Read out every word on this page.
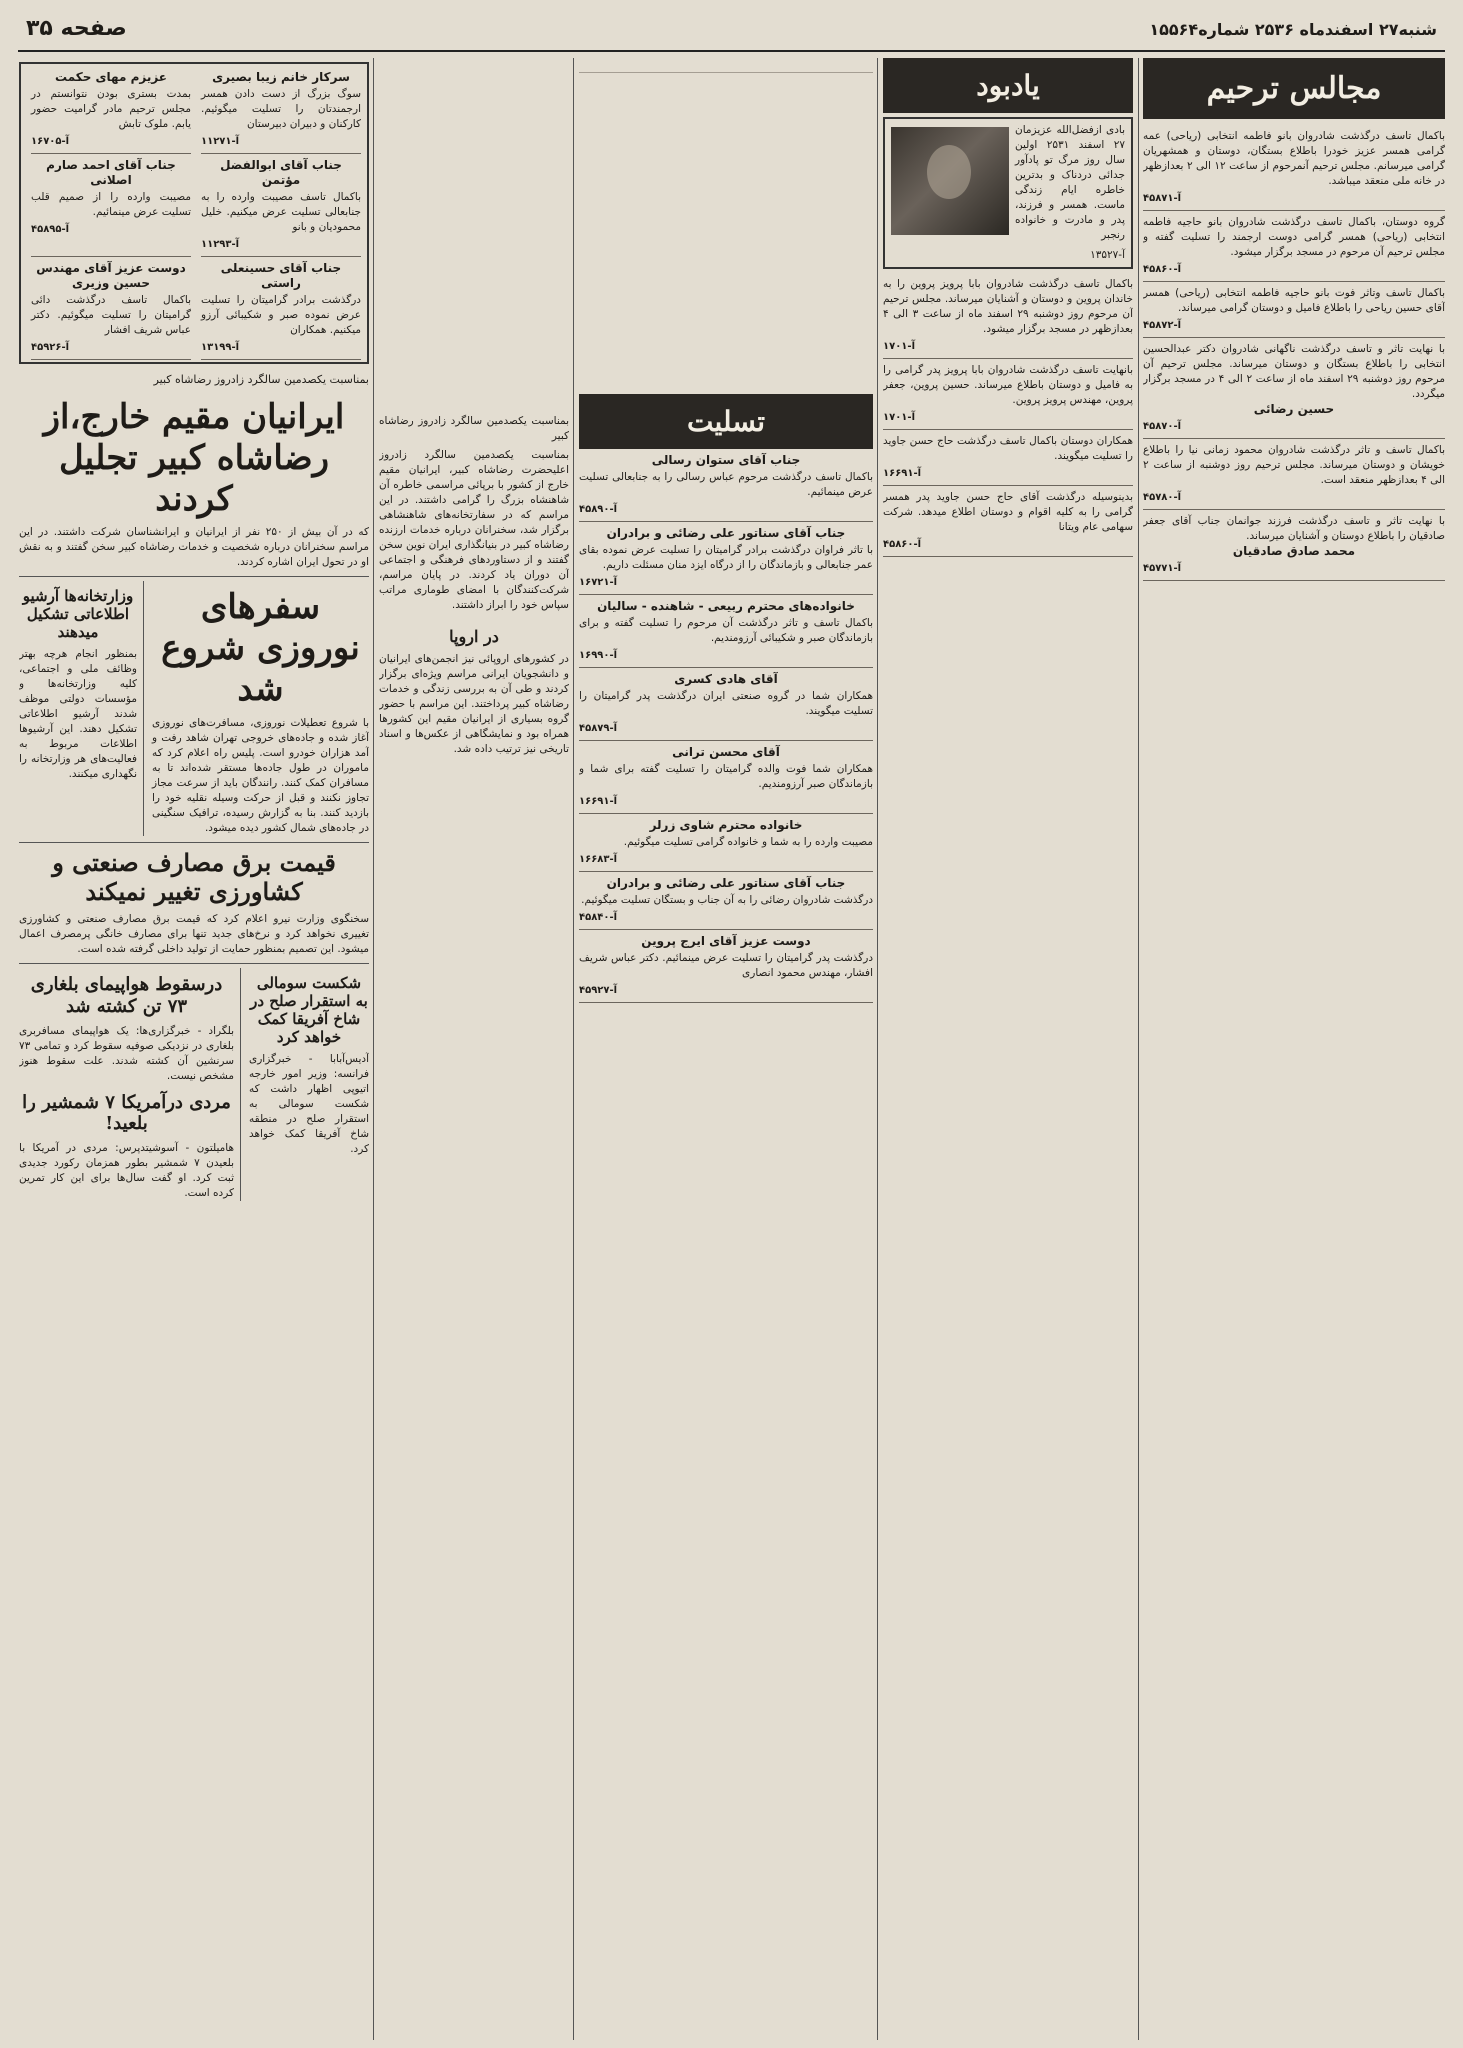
صفحه ۳۵	شنبه۲۷ اسفندماه ۲۵۳۶ شماره۱۵۵۶۴
مجالس ترحیم
باکمال تاسف درگذشت شادروان بانو فاطمه انتخابی (ریاحی) عمه گرامی همسر عزیز خودرا باطلاع بستگان، دوستان و همشهریان گرامی میرسانم. مجلس ترحیم آنمرحوم از ساعت ۱۲ الی ۲ بعدازظهر در خانه ملی منعقد میباشد.
آ-۴۵۸۷۱
گروه دوستان، باکمال تاسف درگذشت شادروان بانو حاجیه فاطمه انتخابی (ریاحی) همسر گرامی دوست ارجمند را تسلیت گفته و مجلس ترحیم آن مرحوم در مسجد برگزار میشود.
آ-۴۵۸۶۰
باکمال تاسف وتاثر فوت بانو حاجیه فاطمه انتخابی (ریاحی) همسر آقای حسین ریاحی را باطلاع فامیل و دوستان گرامی میرساند.
آ-۴۵۸۷۲
با نهایت تاثر و تاسف درگذشت ناگهانی شادروان دکتر عبدالحسین انتخابی را باطلاع بستگان و دوستان میرساند. مجلس ترحیم آن مرحوم روز دوشنبه ۲۹ اسفند ماه از ساعت ۲ الی ۴ در مسجد برگزار میگردد.
حسین رضائی
آ-۴۵۸۷۰
باکمال تاسف و تاثر درگذشت شادروان محمود زمانی نیا را باطلاع خویشان و دوستان میرساند. مجلس ترحیم روز دوشنبه از ساعت ۲ الی ۴ بعدازظهر منعقد است.
آ-۴۵۷۸۰
با نهایت تاثر و تاسف درگذشت فرزند جوانمان جناب آقای جعفر صادقیان را باطلاع دوستان و آشنایان میرساند.
محمد صادق صادقیان
آ-۴۵۷۷۱
یادبود
بادی ازفضل‌الله عزیزمان ۲۷ اسفند ۲۵۳۱ اولین سال روز مرگ تو پادآور جدائی دردناک و بدترین خاطره ایام زندگی ماست. همسر و فرزند، پدر و مادرت و خانواده رنجبر
آ-۱۳۵۲۷
باکمال تاسف درگذشت شادروان بابا پرویز پروین را به خاندان پروین و دوستان و آشنایان میرساند. مجلس ترحیم آن مرحوم روز دوشنبه ۲۹ اسفند ماه از ساعت ۳ الی ۴ بعدازظهر در مسجد برگزار میشود.
آ-۱۷۰۱
بانهایت تاسف درگذشت شادروان بابا پرویز پدر گرامی را به فامیل و دوستان باطلاع میرساند. حسین پروین، جعفر پروین، مهندس پرویز پروین.
آ-۱۷۰۱
همکاران دوستان باکمال تاسف درگذشت حاج حسن جاوید را تسلیت میگویند.
آ-۱۶۶۹۱
بدینوسیله درگذشت آقای حاج حسن جاوید پدر همسر گرامی را به کلیه اقوام و دوستان اطلاع میدهد. شرکت سهامی عام ویتانا
آ-۴۵۸۶۰
تسلیت
جناب آقای ستوان رسالی
باکمال تاسف درگذشت مرحوم عباس رسالی را به جنابعالی تسلیت عرض مینمائیم.
آ-۴۵۸۹۰
جناب آقای سناتور علی رضائی و برادران
با تاثر فراوان درگذشت برادر گرامیتان را تسلیت عرض نموده بقای عمر جنابعالی و بازماندگان را از درگاه ایزد منان مسئلت داریم.
آ-۱۶۷۲۱
خانواده‌های محترم ربیعی - شاهنده - سالیان
باکمال تاسف و تاثر درگذشت آن مرحوم را تسلیت گفته و برای بازماندگان صبر و شکیبائی آرزومندیم.
آ-۱۶۹۹۰
آقای هادی کسری
همکاران شما در گروه صنعتی ایران درگذشت پدر گرامیتان را تسلیت میگویند.
آ-۴۵۸۷۹
آقای محسن ترانی
همکاران شما فوت والده گرامیتان را تسلیت گفته برای شما و بازماندگان صبر آرزومندیم.
آ-۱۶۶۹۱
خانواده محترم شاوی زرلر
مصیبت وارده را به شما و خانواده گرامی تسلیت میگوئیم.
آ-۱۶۶۸۳
جناب آقای سناتور علی رضائی و برادران
درگذشت شادروان رضائی را به آن جناب و بستگان تسلیت میگوئیم.
آ-۴۵۸۴۰
دوست عزیز آقای ایرج پروین
درگذشت پدر گرامیتان را تسلیت عرض مینمائیم. دکتر عباس شریف افشار، مهندس محمود انصاری
آ-۴۵۹۲۷
بمناسبت یکصدمین سالگرد زادروز رضاشاه کبیر
بمناسبت یکصدمین سالگرد زادروز اعلیحضرت رضاشاه کبیر، ایرانیان مقیم خارج از کشور با برپائی مراسمی خاطره آن شاهنشاه بزرگ را گرامی داشتند. در این مراسم که در سفارتخانه‌های شاهنشاهی برگزار شد، سخنرانان درباره خدمات ارزنده رضاشاه کبیر در بنیانگذاری ایران نوین سخن گفتند و از دستاوردهای فرهنگی و اجتماعی آن دوران یاد کردند. در پایان مراسم، شرکت‌کنندگان با امضای طوماری مراتب سپاس خود را ابراز داشتند.
در اروپا
در کشورهای اروپائی نیز انجمن‌های ایرانیان و دانشجویان ایرانی مراسم ویژه‌ای برگزار کردند و طی آن به بررسی زندگی و خدمات رضاشاه کبیر پرداختند. این مراسم با حضور گروه بسیاری از ایرانیان مقیم این کشورها همراه بود و نمایشگاهی از عکس‌ها و اسناد تاریخی نیز ترتیب داده شد.
سرکار خانم زیبا بصیری
سوگ بزرگ از دست دادن همسر ارجمندتان را تسلیت میگوئیم. کارکنان و دبیران دبیرستان
آ-۱۱۲۷۱
عزیزم مهای حکمت
بمدت بستری بودن نتوانستم در مجلس ترحیم مادر گرامیت حضور یابم. ملوک تابش
آ-۱۶۷۰۵
جناب آقای ابوالفضل مؤتمن
باکمال تاسف مصیبت وارده را به جنابعالی تسلیت عرض میکنیم. خلیل محمودیان و بانو
آ-۱۱۲۹۳
جناب آقای احمد صارم اصلانی
مصیبت وارده را از صمیم قلب تسلیت عرض مینمائیم.
آ-۴۵۸۹۵
جناب آقای حسینعلی راستی
درگذشت برادر گرامیتان را تسلیت عرض نموده صبر و شکیبائی آرزو میکنیم. همکاران
آ-۱۳۱۹۹
دوست عزیز آقای مهندس حسین وزیری
باکمال تاسف درگذشت دائی گرامیتان را تسلیت میگوئیم. دکتر عباس شریف افشار
آ-۴۵۹۲۶
بمناسبت یکصدمین سالگرد زادروز رضاشاه کبیر
ایرانیان مقیم خارج،از رضاشاه کبیر تجلیل کردند
که در آن بیش از ۲۵۰ نفر از ایرانیان و ایرانشناسان شرکت داشتند. در این مراسم سخنرانان درباره شخصیت و خدمات رضاشاه کبیر سخن گفتند و به نقش او در تحول ایران اشاره کردند.
سفرهای نوروزی شروع شد
با شروع تعطیلات نوروزی، مسافرت‌های نوروزی آغاز شده و جاده‌های خروجی تهران شاهد رفت و آمد هزاران خودرو است. پلیس راه اعلام کرد که ماموران در طول جاده‌ها مستقر شده‌اند تا به مسافران کمک کنند. رانندگان باید از سرعت مجاز تجاوز نکنند و قبل از حرکت وسیله نقلیه خود را بازدید کنند. بنا به گزارش رسیده، ترافیک سنگینی در جاده‌های شمال کشور دیده میشود.
وزارتخانه‌ها آرشیو اطلاعاتی تشکیل میدهند
بمنظور انجام هرچه بهتر وظائف ملی و اجتماعی، کلیه وزارتخانه‌ها و مؤسسات دولتی موظف شدند آرشیو اطلاعاتی تشکیل دهند. این آرشیوها اطلاعات مربوط به فعالیت‌های هر وزارتخانه را نگهداری میکنند.
قیمت برق مصارف صنعتی و کشاورزی تغییر نمیکند
سخنگوی وزارت نیرو اعلام کرد که قیمت برق مصارف صنعتی و کشاورزی تغییری نخواهد کرد و نرخ‌های جدید تنها برای مصارف خانگی پرمصرف اعمال میشود. این تصمیم بمنظور حمایت از تولید داخلی گرفته شده است.
شکست سومالی به استقرار صلح در شاخ آفریقا کمک خواهد کرد
آدیس‌آبابا - خبرگزاری فرانسه: وزیر امور خارجه اتیوپی اظهار داشت که شکست سومالی به استقرار صلح در منطقه شاخ آفریقا کمک خواهد کرد.
درسقوط هواپیمای بلغاری ۷۳ تن کشته شد
بلگراد - خبرگزاری‌ها: یک هواپیمای مسافربری بلغاری در نزدیکی صوفیه سقوط کرد و تمامی ۷۳ سرنشین آن کشته شدند. علت سقوط هنوز مشخص نیست.
مردی درآمریکا ۷ شمشیر را بلعید!
هامیلتون - آسوشیتدپرس: مردی در آمریکا با بلعیدن ۷ شمشیر بطور همزمان رکورد جدیدی ثبت کرد. او گفت سال‌ها برای این کار تمرین کرده است.
